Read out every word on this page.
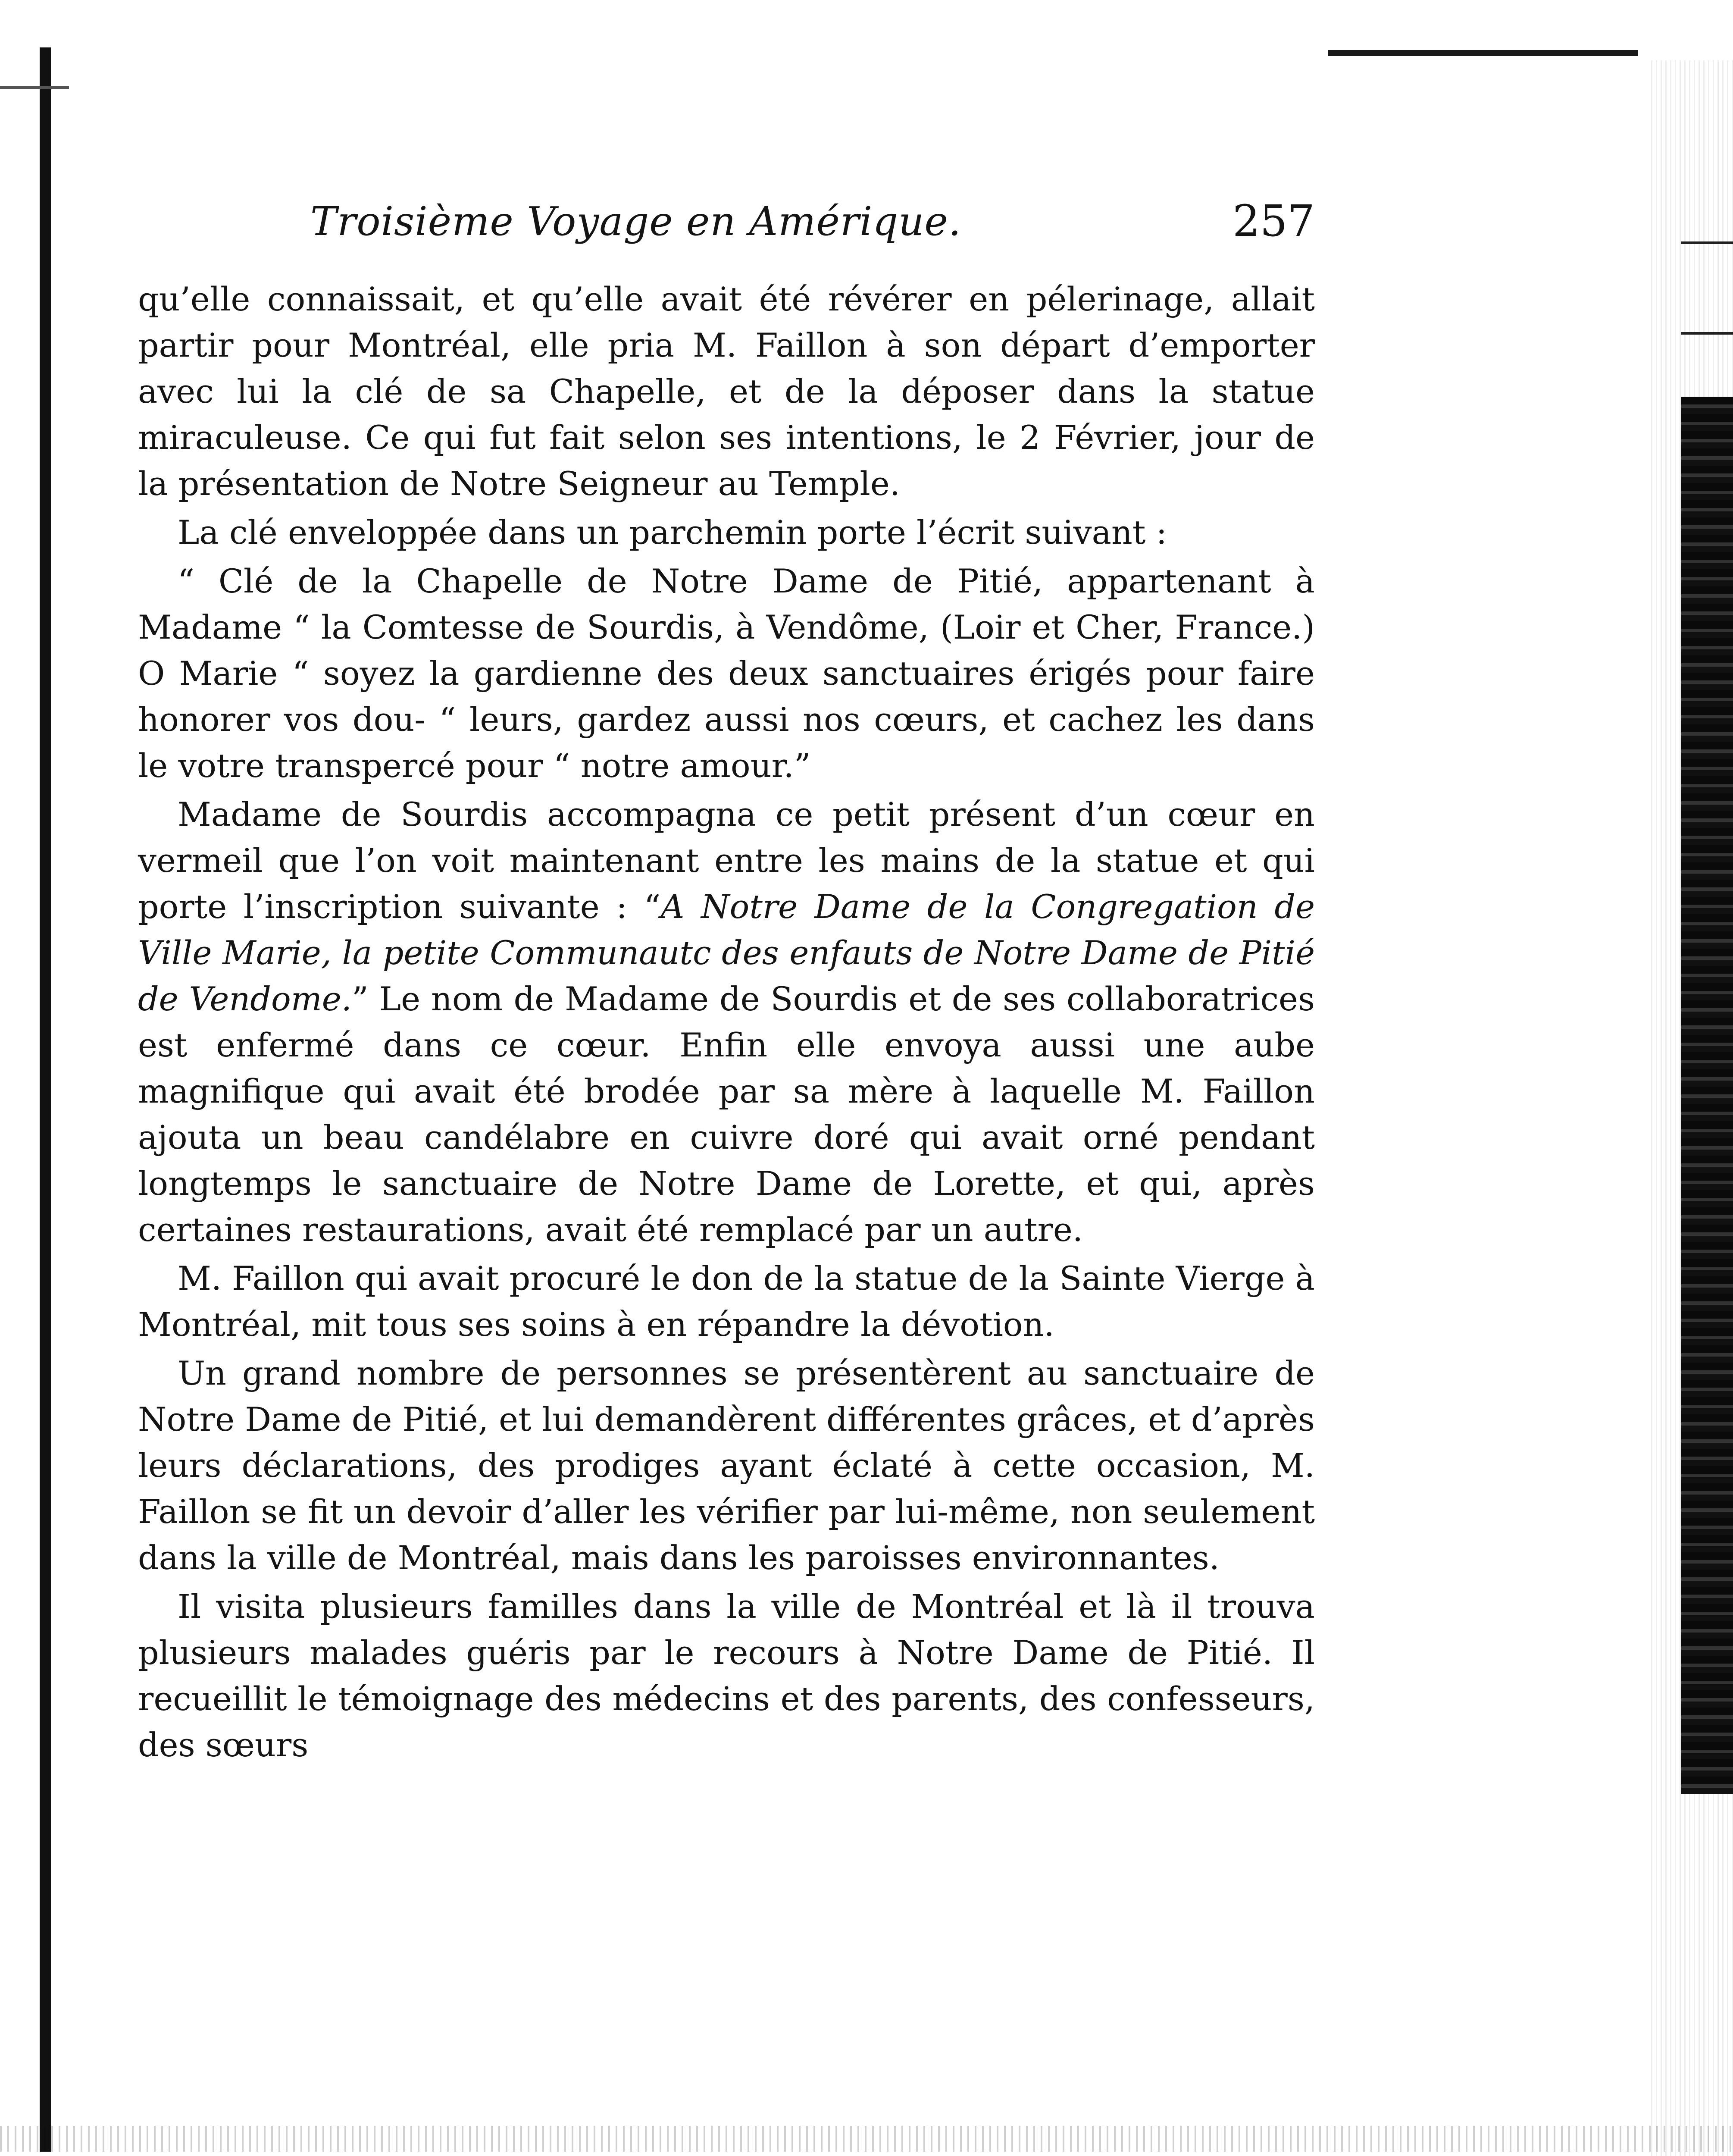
Troisième Voyage en Amérique.	257

qu’elle connaissait, et qu’elle avait été révérer en pélerinage, allait partir pour Montréal, elle pria M. Faillon à son départ d’emporter avec lui la clé de sa Chapelle, et de la déposer dans la statue miraculeuse. Ce qui fut fait selon ses intentions, le 2 Février, jour de la présentation de Notre Seigneur au Temple.

La clé enveloppée dans un parchemin porte l’écrit suivant :

“ Clé de la Chapelle de Notre Dame de Pitié, appartenant à Madame “ la Comtesse de Sourdis, à Vendôme, (Loir et Cher, France.) O Marie “ soyez la gardienne des deux sanctuaires érigés pour faire honorer vos dou- “ leurs, gardez aussi nos cœurs, et cachez les dans le votre transpercé pour “ notre amour.”

Madame de Sourdis accompagna ce petit présent d’un cœur en vermeil que l’on voit maintenant entre les mains de la statue et qui porte l’inscription suivante : “A Notre Dame de la Congregation de Ville Marie, la petite Communautc des enfauts de Notre Dame de Pitié de Vendome.” Le nom de Madame de Sourdis et de ses collaboratrices est enfermé dans ce cœur. Enfin elle envoya aussi une aube magnifique qui avait été brodée par sa mère à laquelle M. Faillon ajouta un beau candélabre en cuivre doré qui avait orné pendant longtemps le sanctuaire de Notre Dame de Lorette, et qui, après certaines restaurations, avait été remplacé par un autre.

M. Faillon qui avait procuré le don de la statue de la Sainte Vierge à Montréal, mit tous ses soins à en répandre la dévotion.

Un grand nombre de personnes se présentèrent au sanctuaire de Notre Dame de Pitié, et lui demandèrent différentes grâces, et d’après leurs déclarations, des prodiges ayant éclaté à cette occasion, M. Faillon se fit un devoir d’aller les vérifier par lui-même, non seulement dans la ville de Montréal, mais dans les paroisses environnantes.

Il visita plusieurs familles dans la ville de Montréal et là il trouva plusieurs malades guéris par le recours à Notre Dame de Pitié. Il recueillit le témoignage des médecins et des parents, des confesseurs, des sœurs
